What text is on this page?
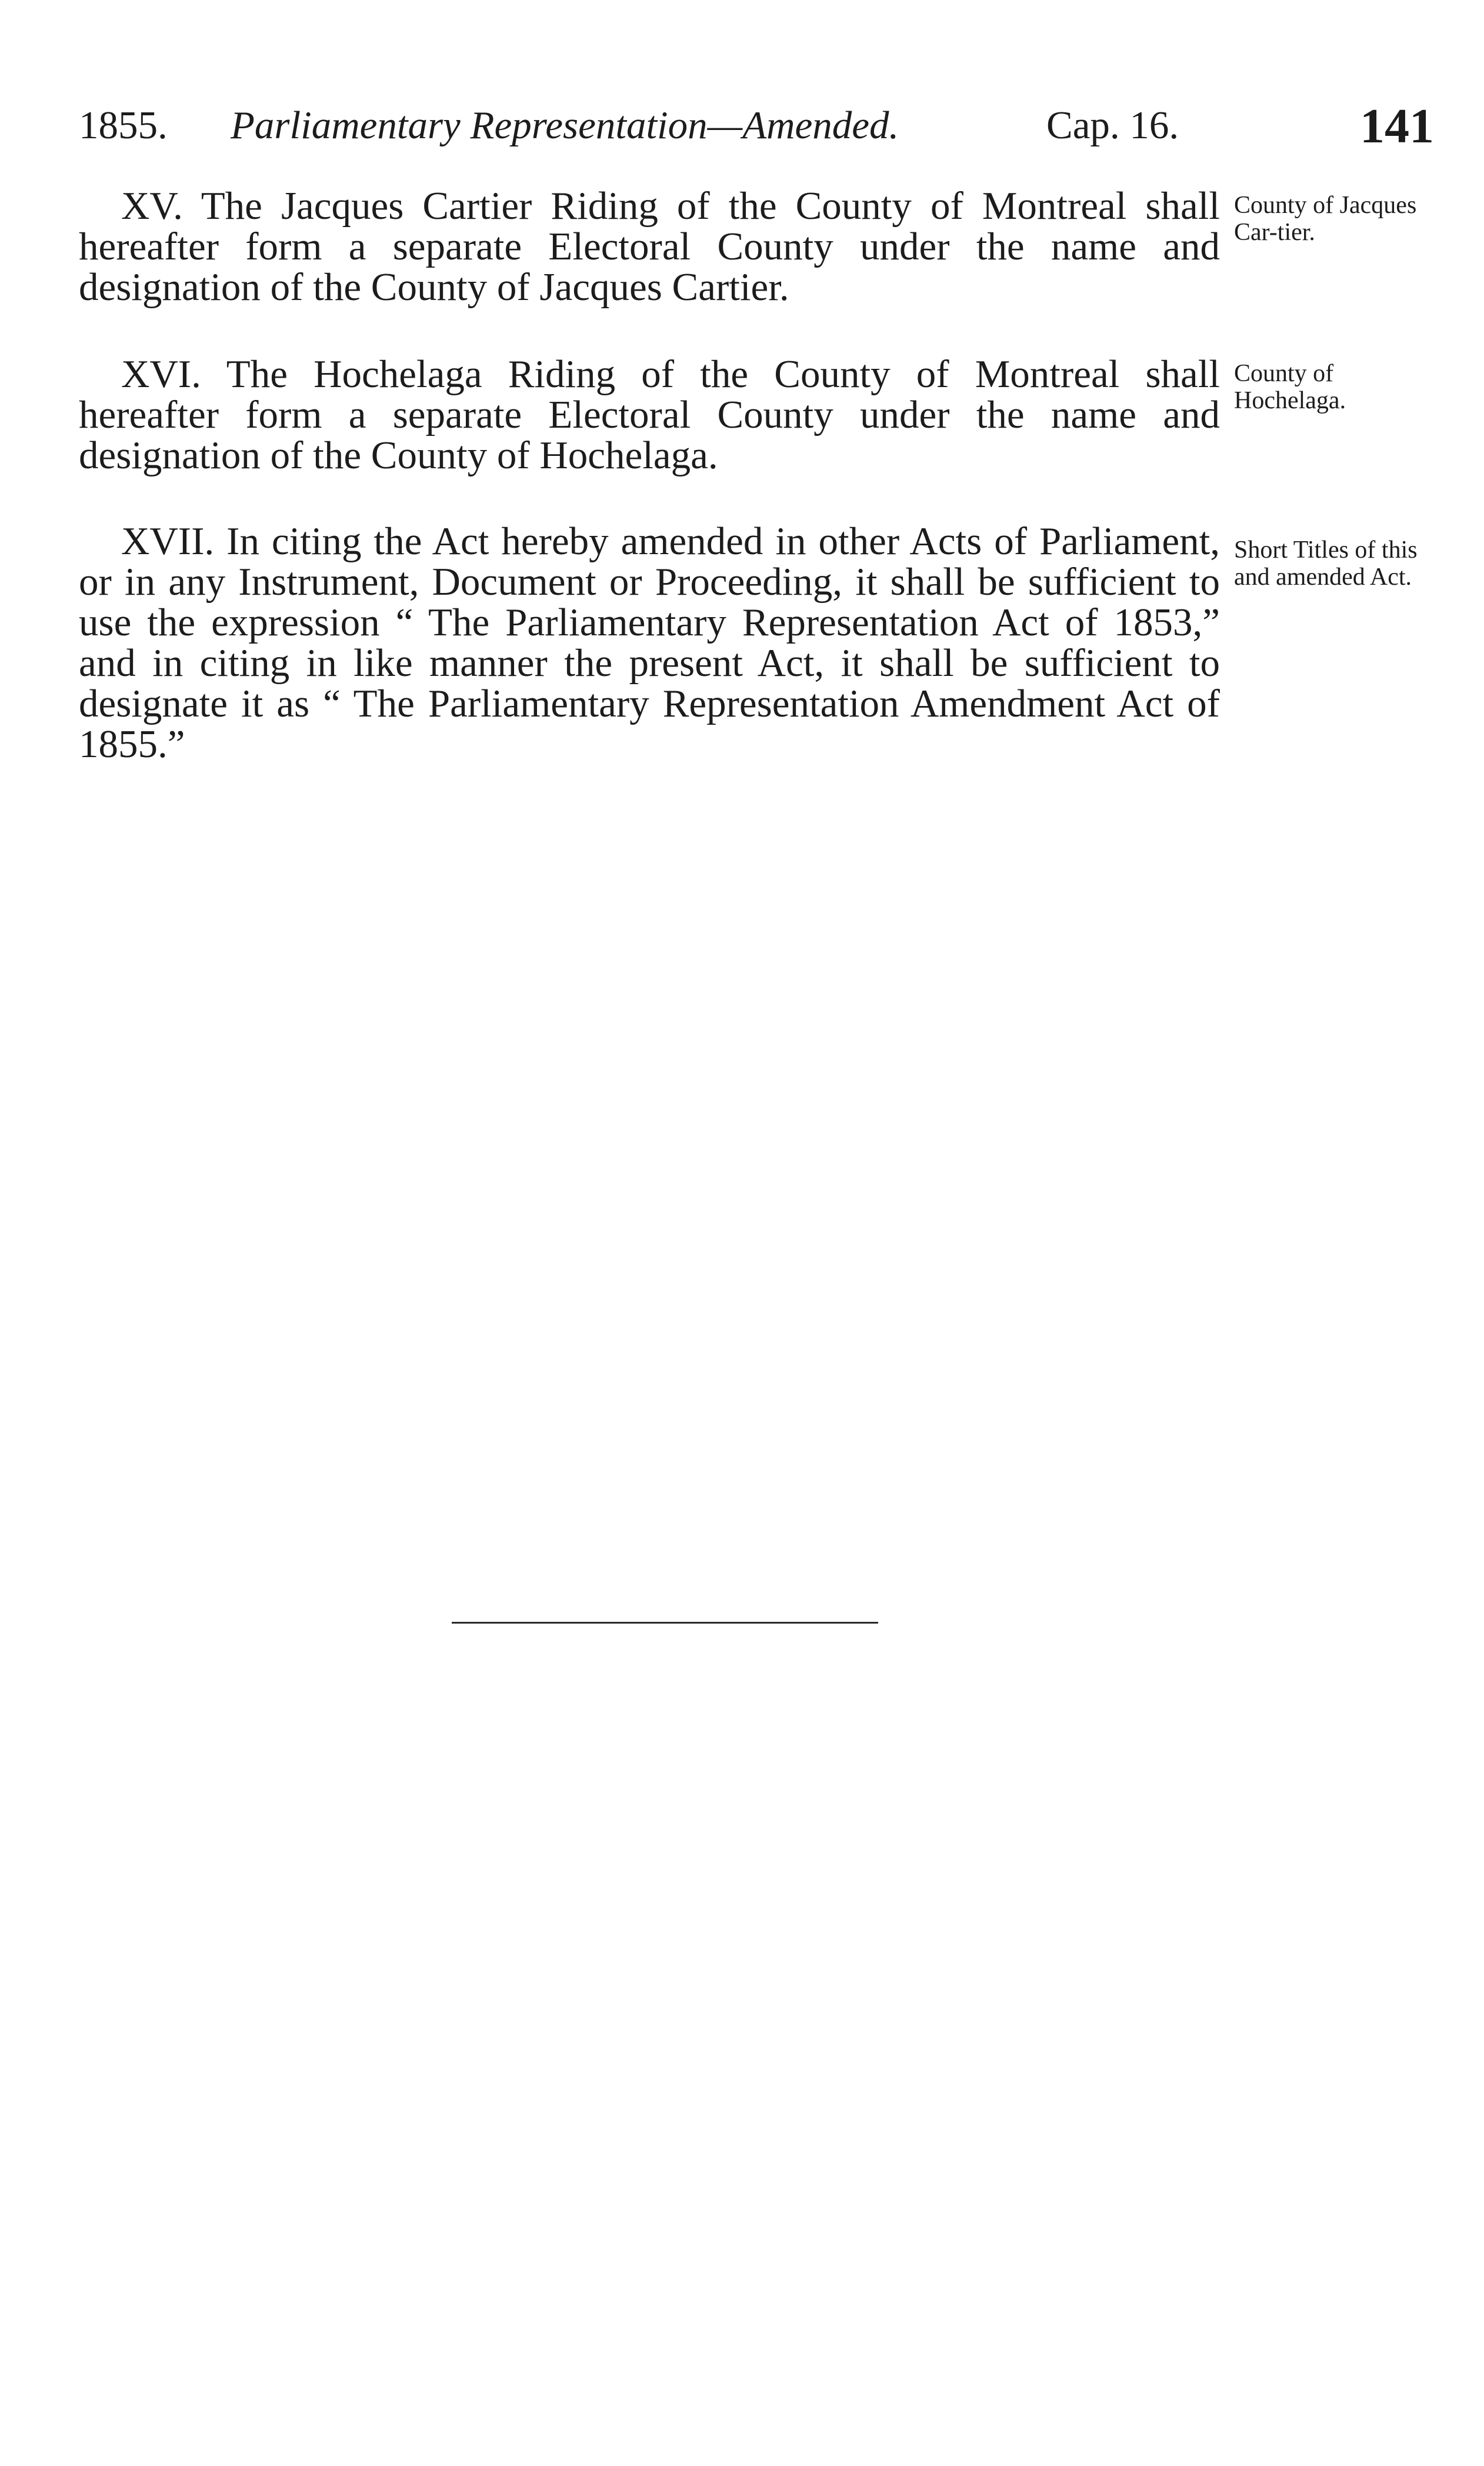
1855. Parliamentary Representation—Amended.	Cap. 16.	141

XV. The Jacques Cartier Riding of the County of Montreal shall hereafter form a separate Electoral County under the name and designation of the County of Jacques Cartier.

County of Jacques Car-tier.

XVI. The Hochelaga Riding of the County of Montreal shall hereafter form a separate Electoral County under the name and designation of the County of Hochelaga.

County of Hochelaga.

XVII. In citing the Act hereby amended in other Acts of Parliament, or in any Instrument, Document or Proceeding, it shall be sufficient to use the expression “ The Parliamentary Representation Act of 1853,” and in citing in like manner the present Act, it shall be sufficient to designate it as “ The Parliamentary Representation Amendment Act of 1855.”

Short Titles of this and amended Act.
